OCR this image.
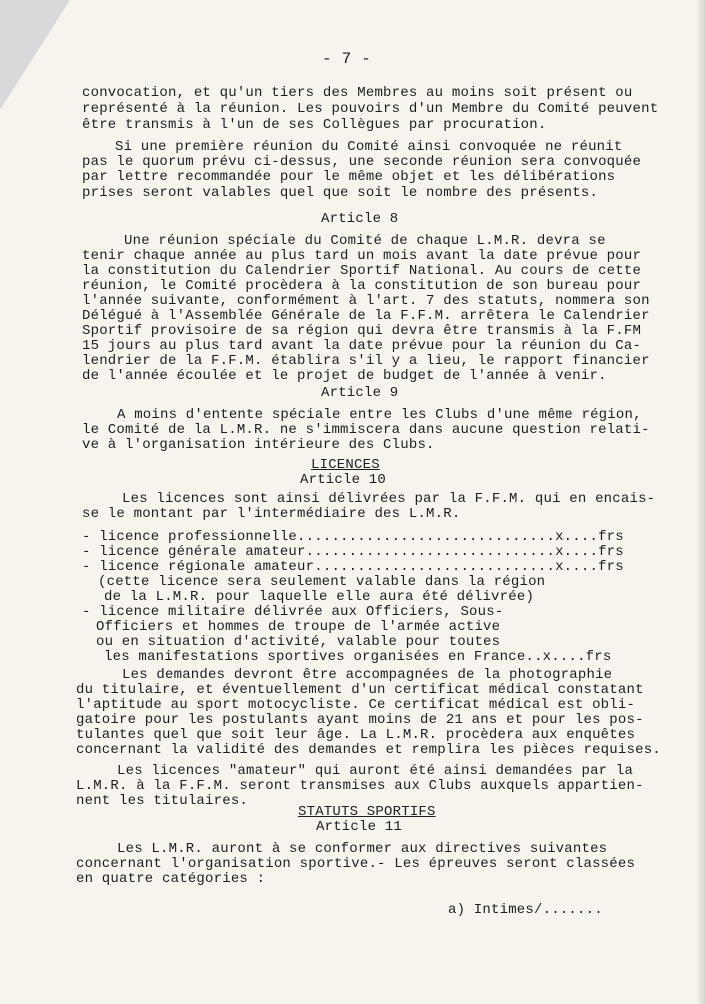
- 7 -
convocation, et qu'un tiers des Membres au moins soit présent ou
représenté à la réunion. Les pouvoirs d'un Membre du Comité peuvent
être transmis à l'un de ses Collègues par procuration.
Si une première réunion du Comité ainsi convoquée ne réunit
pas le quorum prévu ci-dessus, une seconde réunion sera convoquée
par lettre recommandée pour le même objet et les délibérations
prises seront valables quel que soit le nombre des présents.
Article 8
Une réunion spéciale du Comité de chaque L.M.R. devra se
tenir chaque année au plus tard un mois avant la date prévue pour
la constitution du Calendrier Sportif National. Au cours de cette
réunion, le Comité procèdera à la constitution de son bureau pour
l'année suivante, conformément à l'art. 7 des statuts, nommera son
Délégué à l'Assemblée Générale de la F.F.M. arrêtera le Calendrier
Sportif provisoire de sa région qui devra être transmis à la F.FM
15 jours au plus tard avant la date prévue pour la réunion du Ca-
lendrier de la F.F.M. établira s'il y a lieu, le rapport financier
de l'année écoulée et le projet de budget de l'année à venir.
Article 9
A moins d'entente spéciale entre les Clubs d'une même région,
le Comité de la L.M.R. ne s'immiscera dans aucune question relati-
ve à l'organisation intérieure des Clubs.
LICENCES
Article 10
Les licences sont ainsi délivrées par la F.F.M. qui en encais-
se le montant par l'intermédiaire des L.M.R.
- licence professionnelle..............................x....frs
- licence générale amateur.............................x....frs
- licence régionale amateur............................x....frs
(cette licence sera seulement valable dans la région
de la L.M.R. pour laquelle elle aura été délivrée)
- licence militaire délivrée aux Officiers, Sous-
Officiers et hommes de troupe de l'armée active
ou en situation d'activité, valable pour toutes
les manifestations sportives organisées en France..x....frs
Les demandes devront être accompagnées de la photographie
du titulaire, et éventuellement d'un certificat médical constatant
l'aptitude au sport motocycliste. Ce certificat médical est obli-
gatoire pour les postulants ayant moins de 21 ans et pour les pos-
tulantes quel que soit leur âge. La L.M.R. procèdera aux enquêtes
concernant la validité des demandes et remplira les pièces requises.
Les licences "amateur" qui auront été ainsi demandées par la
L.M.R. à la F.F.M. seront transmises aux Clubs auxquels appartien-
nent les titulaires.
STATUTS SPORTIFS
Article 11
Les L.M.R. auront à se conformer aux directives suivantes
concernant l'organisation sportive.- Les épreuves seront classées
en quatre catégories :
a) Intimes/.......
